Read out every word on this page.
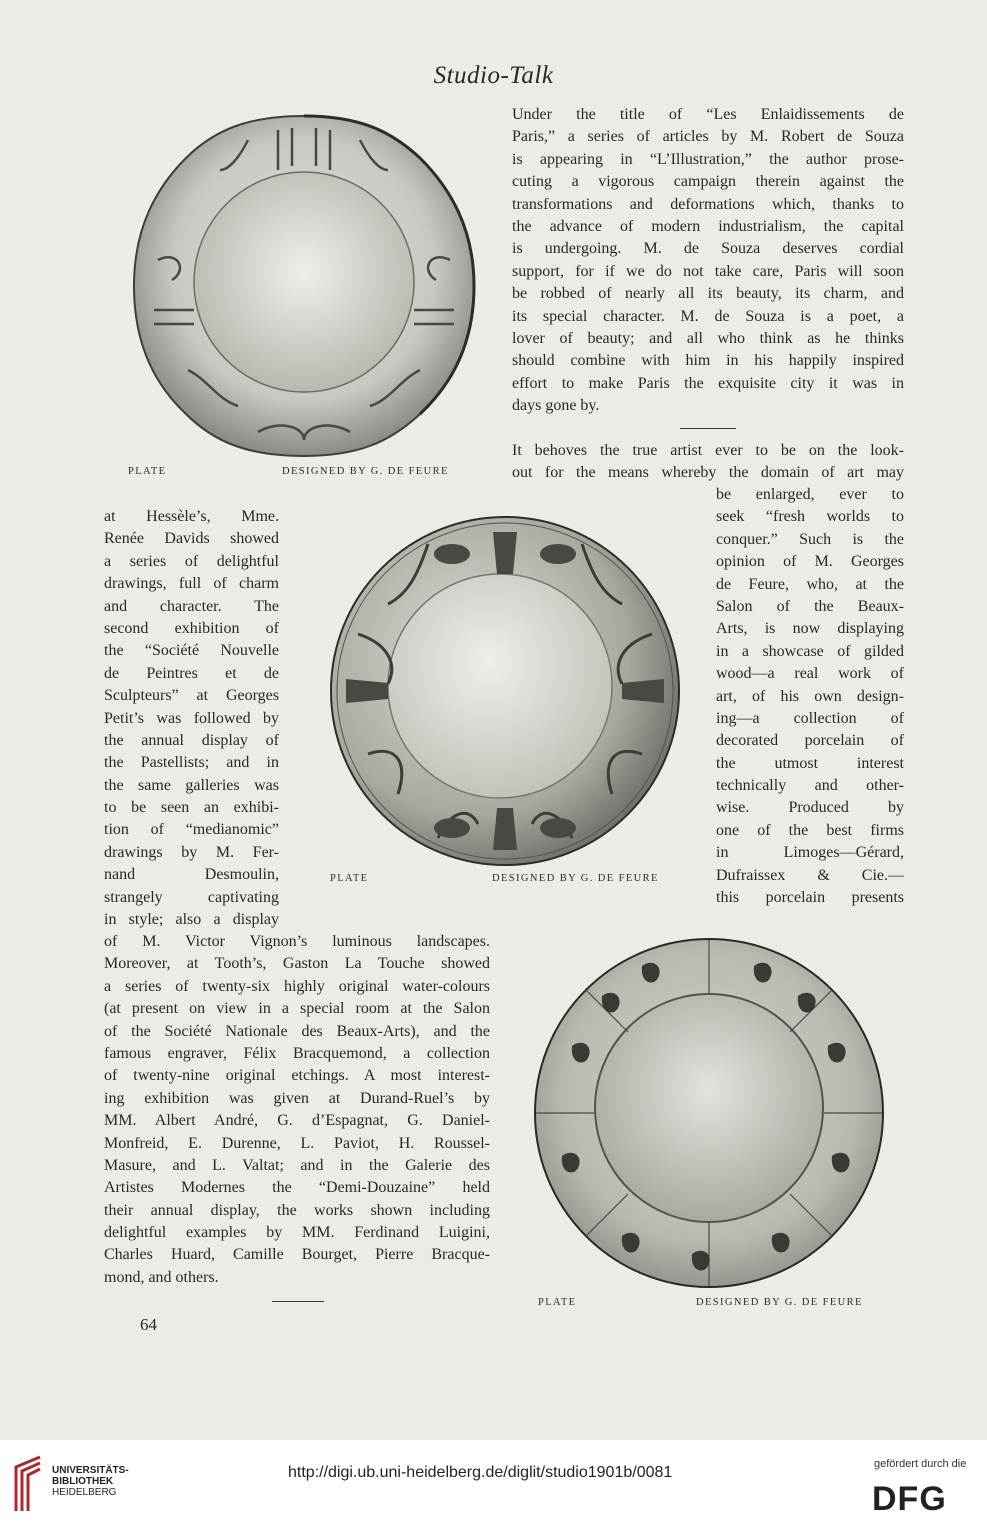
Studio-Talk
PLATE	DESIGNED BY G. DE FEURE
Under the title of “Les Enlaidissements de
Paris,” a series of articles by M. Robert de Souza
is appearing in “L’Illustration,” the author prose-
cuting a vigorous campaign therein against the
transformations and deformations which, thanks to
the advance of modern industrialism, the capital
is undergoing. M. de Souza deserves cordial
support, for if we do not take care, Paris will soon
be robbed of nearly all its beauty, its charm, and
its special character. M. de Souza is a poet, a
lover of beauty; and all who think as he thinks
should combine with him in his happily inspired
effort to make Paris the exquisite city it was in
days gone by.
It behoves the true artist ever to be on the look-
out for the means whereby the domain of art may
be enlarged, ever to
seek “fresh worlds to
conquer.” Such is the
opinion of M. Georges
de Feure, who, at the
Salon of the Beaux-
Arts, is now displaying
in a showcase of gilded
wood—a real work of
art, of his own design-
ing—a collection of
decorated porcelain of
the utmost interest
technically and other-
wise. Produced by
one of the best firms
in Limoges—Gérard,
Dufraissex & Cie.—
this porcelain presents
PLATE	DESIGNED BY G. DE FEURE
at Hessèle’s, Mme.
Renée Davids showed
a series of delightful
drawings, full of charm
and character. The
second exhibition of
the “Société Nouvelle
de Peintres et de
Sculpteurs” at Georges
Petit’s was followed by
the annual display of
the Pastellists; and in
the same galleries was
to be seen an exhibi-
tion of “medianomic”
drawings by M. Fer-
nand Desmoulin,
strangely captivating
in style; also a display
of M. Victor Vignon’s luminous landscapes.
Moreover, at Tooth’s, Gaston La Touche showed
a series of twenty-six highly original water-colours
(at present on view in a special room at the Salon
of the Société Nationale des Beaux-Arts), and the
famous engraver, Félix Bracquemond, a collection
of twenty-nine original etchings. A most interest-
ing exhibition was given at Durand-Ruel’s by
MM. Albert André, G. d’Espagnat, G. Daniel-
Monfreid, E. Durenne, L. Paviot, H. Roussel-
Masure, and L. Valtat; and in the Galerie des
Artistes Modernes the “Demi-Douzaine” held
their annual display, the works shown including
delightful examples by MM. Ferdinand Luigini,
Charles Huard, Camille Bourget, Pierre Bracque-
mond, and others.
PLATE	DESIGNED BY G. DE FEURE
64
UNIVERSITÄTS-
BIBLIOTHEK
HEIDELBERG
http://digi.ub.uni-heidelberg.de/diglit/studio1901b/0081	gefördert durch die
DFG
